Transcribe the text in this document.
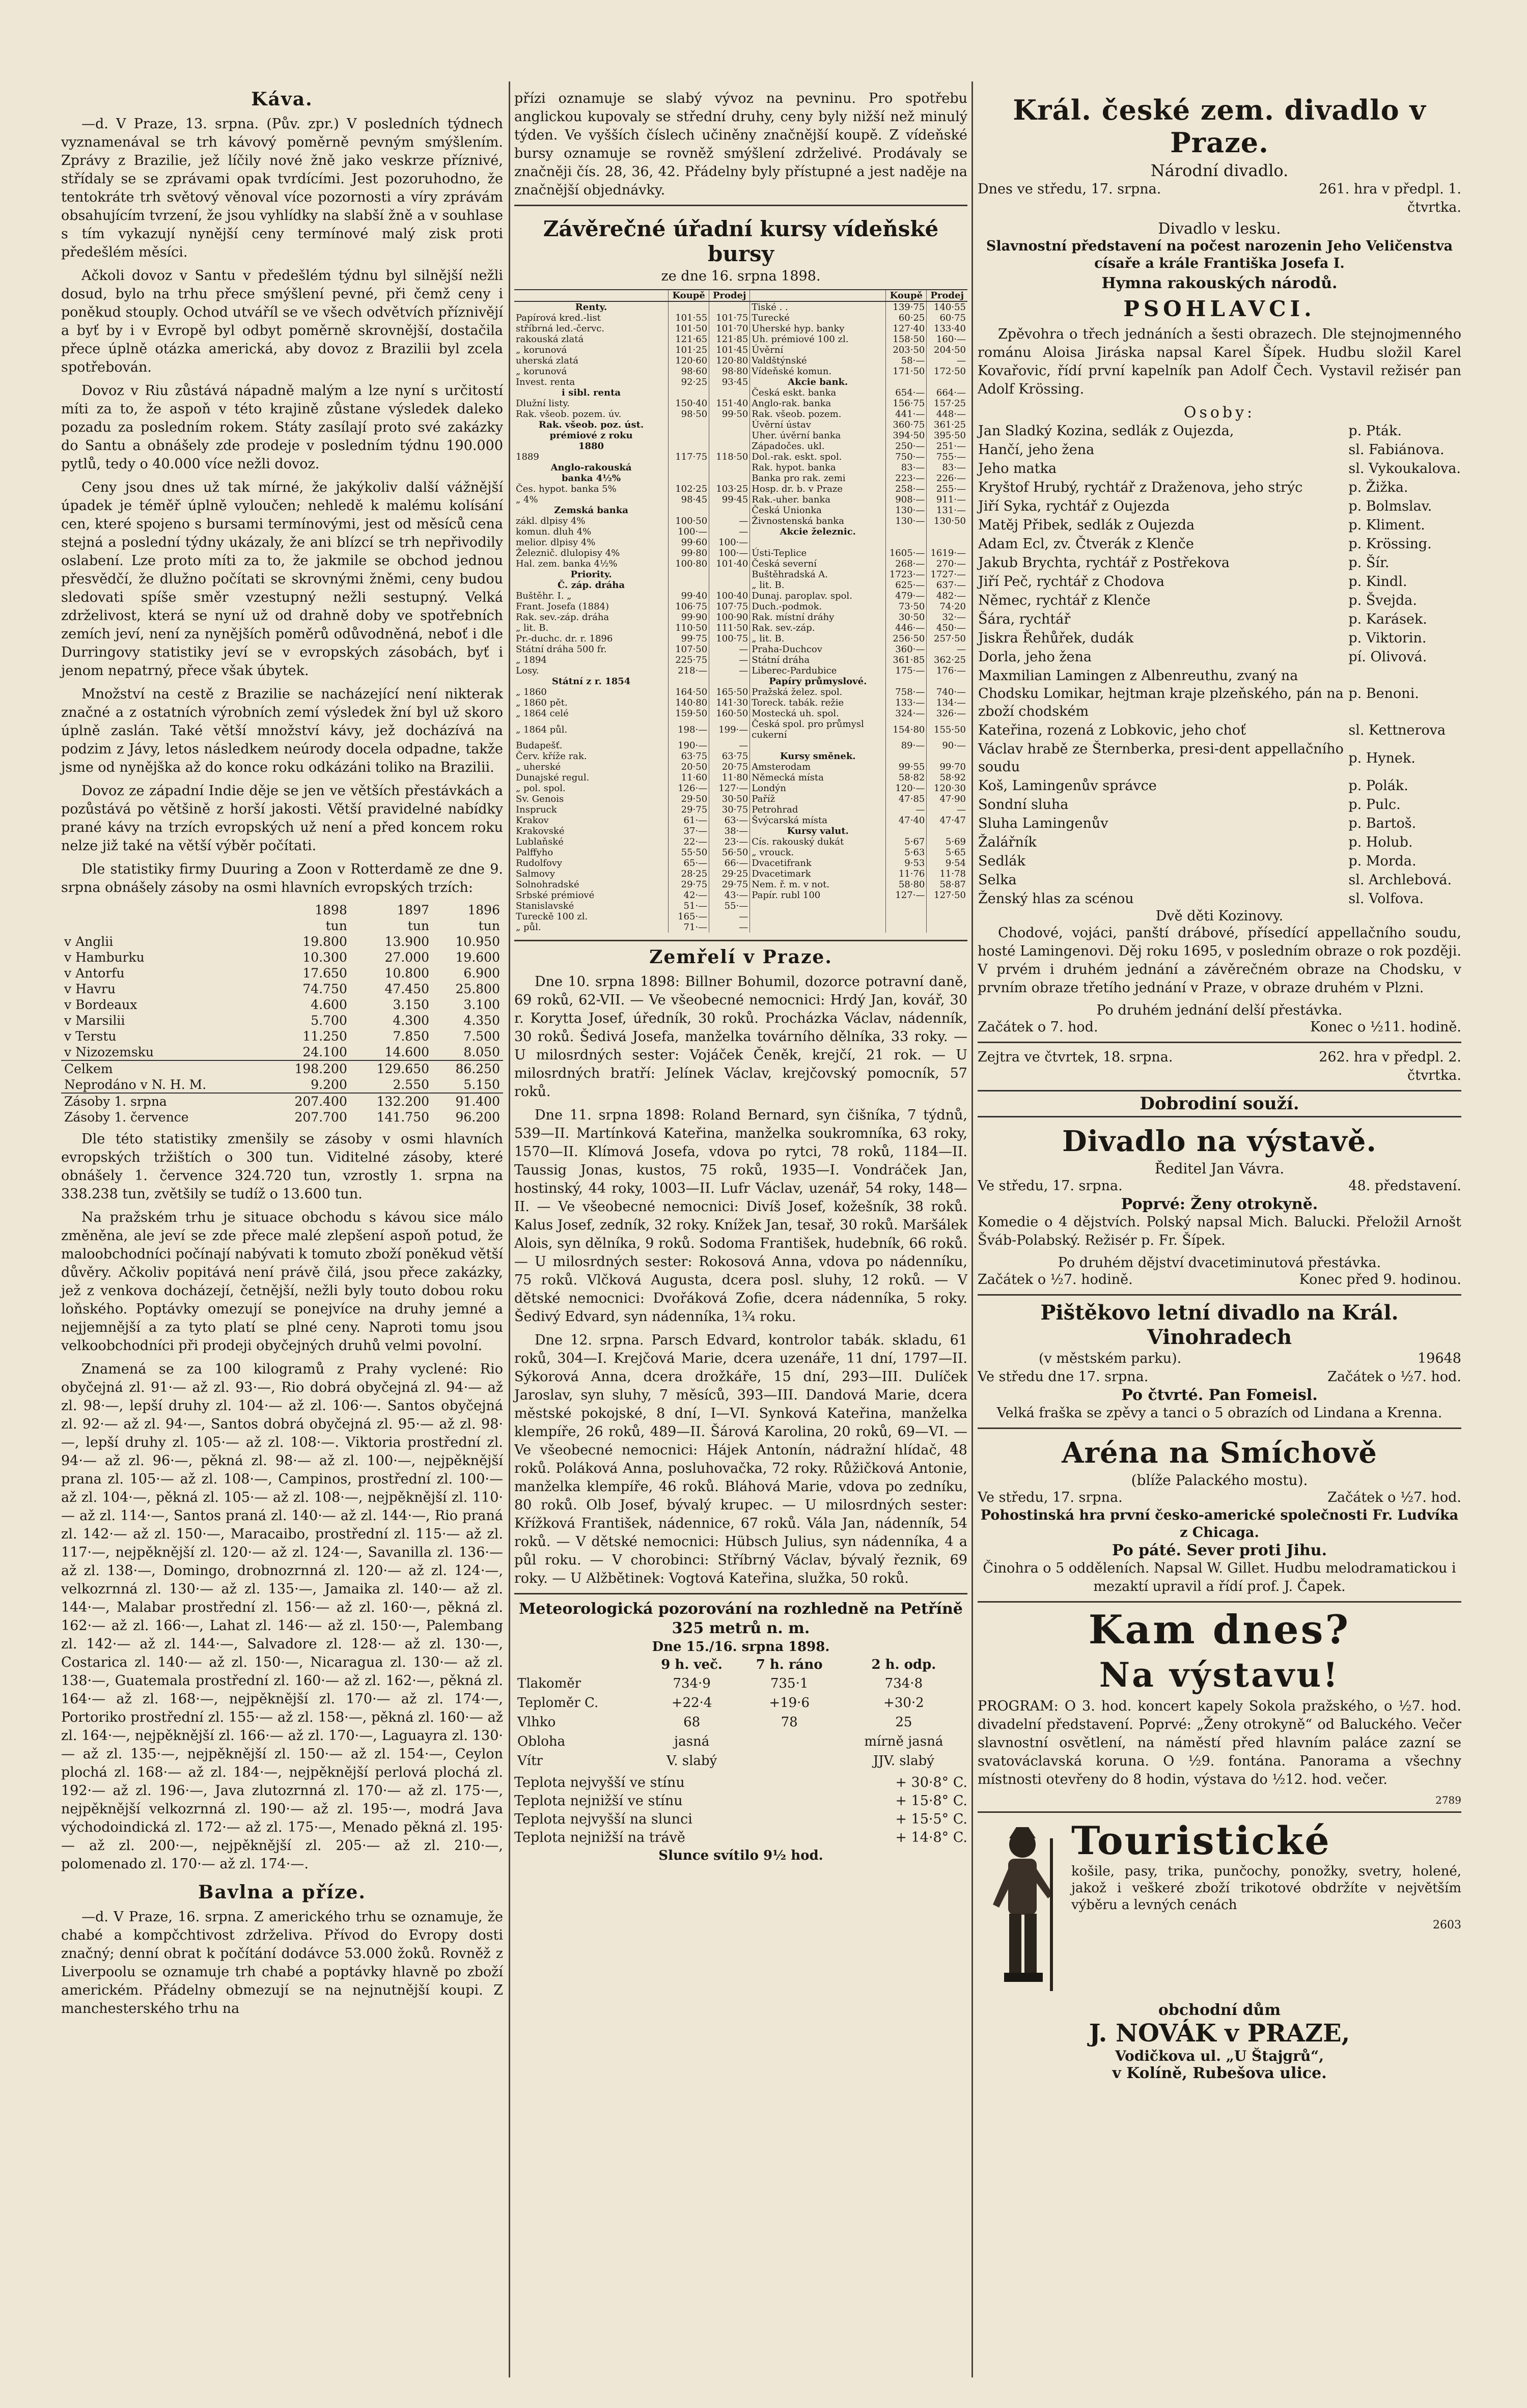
Káva.

—d. V Praze, 13. srpna. (Pův. zpr.) V posledních týdnech vyznamenával se trh kávový poměrně pevným smýšlením. Zprávy z Brazilie, jež líčily nové žně jako veskrze příznivé, střídaly se se zprávami opak tvrdícími. Jest pozoruhodno, že tentokráte trh světový věnoval více pozornosti a víry zprávám obsahujícím tvrzení, že jsou vyhlídky na slabší žně a v souhlase s tím vykazují nynější ceny termínové malý zisk proti předešlém měsíci.

Ačkoli dovoz v Santu v předešlém týdnu byl silnější nežli dosud, bylo na trhu přece smýšlení pevné, při čemž ceny i poněkud stouply. Ochod utváříl se ve všech odvětvích příznivějí a byť by i v Evropě byl odbyt poměrně skrovnější, dostačila přece úplně otázka americká, aby dovoz z Brazilii byl zcela spotřebován.

Dovoz v Riu zůstává nápadně malým a lze nyní s určitostí míti za to, že aspoň v této krajině zůstane výsledek daleko pozadu za posledním rokem. Státy zasílají proto své zakázky do Santu a obnášely zde prodeje v posledním týdnu 190.000 pytlů, tedy o 40.000 více nežli dovoz.

Ceny jsou dnes už tak mírné, že jakýkoliv další vážnější úpadek je téměř úplně vyloučen; nehledě k malému kolísání cen, které spojeno s bursami termínovými, jest od měsíců cena stejná a poslední týdny ukázaly, že ani blízcí se trh nepřivodily oslabení. Lze proto míti za to, že jakmile se obchod jednou přesvědčí, že dlužno počítati se skrovnými žněmi, ceny budou sledovati spíše směr vzestupný nežli sestupný. Velká zdrželivost, která se nyní už od drahně doby ve spotřebních zemích jeví, není za nynějších poměrů odůvodněná, neboť i dle Durringovy statistiky jeví se v evropských zásobách, byť i jenom nepatrný, přece však úbytek.

Množství na cestě z Brazilie se nacházející není nikterak značné a z ostatních výrobních zemí výsledek žní byl už skoro úplně zaslán. Také větší množství kávy, jež docházívá na podzim z Jávy, letos následkem neúrody docela odpadne, takže jsme od nynějška až do konce roku odkázáni toliko na Brazilii.

Dovoz ze západní Indie děje se jen ve větších přestávkách a pozůstává po většině z horší jakosti. Větší pravidelné nabídky prané kávy na trzích evropských už není a před koncem roku nelze již také na větší výběr počítati.

Dle statistiky firmy Duuring a Zoon v Rotterdamě ze dne 9. srpna obnášely zásoby na osmi hlavních evropských trzích:

	1898	1897	1896
	tun	tun	tun
v Anglii	19.800	13.900	10.950
v Hamburku	10.300	27.000	19.600
v Antorfu	17.650	10.800	6.900
v Havru	74.750	47.450	25.800
v Bordeaux	4.600	3.150	3.100
v Marsilii	5.700	4.300	4.350
v Terstu	11.250	7.850	7.500
v Nizozemsku	24.100	14.600	8.050
Celkem	198.200	129.650	86.250
Neprodáno v N. H. M.	9.200	2.550	5.150
Zásoby 1. srpna	207.400	132.200	91.400
Zásoby 1. července	207.700	141.750	96.200

Dle této statistiky zmenšily se zásoby v osmi hlavních evropských tržištích o 300 tun. Viditelné zásoby, které obnášely 1. července 324.720 tun, vzrostly 1. srpna na 338.238 tun, zvětšily se tudíž o 13.600 tun.

Na pražském trhu je situace obchodu s kávou sice málo změněna, ale jeví se zde přece malé zlepšení aspoň potud, že maloobchodníci počínají nabývati k tomuto zboží poněkud větší důvěry. Ačkoliv popitává není právě čilá, jsou přece zakázky, jež z venkova docházejí, četnější, nežli byly touto dobou roku loňského. Poptávky omezují se ponejvíce na druhy jemné a nejjemnější a za tyto platí se plné ceny. Naproti tomu jsou velkoobchodníci při prodeji obyčejných druhů velmi povolní.

Znamená se za 100 kilogramů z Prahy vyclené: Rio obyčejná zl. 91·— až zl. 93·—, Rio dobrá obyčejná zl. 94·— až zl. 98·—, lepší druhy zl. 104·— až zl. 106·—. Santos obyčejná zl. 92·— až zl. 94·—, Santos dobrá obyčejná zl. 95·— až zl. 98·—, lepší druhy zl. 105·— až zl. 108·—. Viktoria prostřední zl. 94·— až zl. 96·—, pěkná zl. 98·— až zl. 100·—, nejpěknější prana zl. 105·— až zl. 108·—, Campinos, prostřední zl. 100·— až zl. 104·—, pěkná zl. 105·— až zl. 108·—, nejpěknější zl. 110·— až zl. 114·—, Santos praná zl. 140·— až zl. 144·—, Rio praná zl. 142·— až zl. 150·—, Maracaibo, prostřední zl. 115·— až zl. 117·—, nejpěknější zl. 120·— až zl. 124·—, Savanilla zl. 136·— až zl. 138·—, Domingo, drobnozrnná zl. 120·— až zl. 124·—, velkozrnná zl. 130·— až zl. 135·—, Jamaika zl. 140·— až zl. 144·—, Malabar prostřední zl. 156·— až zl. 160·—, pěkná zl. 162·— až zl. 166·—, Lahat zl. 146·— až zl. 150·—, Palembang zl. 142·— až zl. 144·—, Salvadore zl. 128·— až zl. 130·—, Costarica zl. 140·— až zl. 150·—, Nicaragua zl. 130·— až zl. 138·—, Guatemala prostřední zl. 160·— až zl. 162·—, pěkná zl. 164·— až zl. 168·—, nejpěknější zl. 170·— až zl. 174·—, Portoriko prostřední zl. 155·— až zl. 158·—, pěkná zl. 160·— až zl. 164·—, nejpěknější zl. 166·— až zl. 170·—, Laguayra zl. 130·— až zl. 135·—, nejpěknější zl. 150·— až zl. 154·—, Ceylon plochá zl. 168·— až zl. 184·—, nejpěknější perlová plochá zl. 192·— až zl. 196·—, Java zlutozrnná zl. 170·— až zl. 175·—, nejpěknější velkozrnná zl. 190·— až zl. 195·—, modrá Java východoindická zl. 172·— až zl. 175·—, Menado pěkná zl. 195·— až zl. 200·—, nejpěknější zl. 205·— až zl. 210·—, polomenado zl. 170·— až zl. 174·—.

Bavlna a příze.

—d. V Praze, 16. srpna. Z amerického trhu se oznamuje, že chabé a kompčchtivost zdrželiva. Přívod do Evropy dosti značný; denní obrat k počítání dodávce 53.000 žoků. Rovněž z Liverpoolu se oznamuje trh chabé a poptávky hlavně po zboží americkém. Přádelny obmezují se na nejnutnější koupi. Z manchesterského trhu na

přízi oznamuje se slabý vývoz na pevninu. Pro spotřebu anglickou kupovaly se střední druhy, ceny byly nižší než minulý týden. Ve vyšších číslech učiněny značnější koupě. Z vídeňské bursy oznamuje se rovněž smýšlení zdrželivé. Prodávaly se značněji čís. 28, 36, 42. Přádelny byly přístupné a jest naděje na značnější objednávky.

Závěrečné úřadní kursy vídeňské bursy
ze dne 16. srpna 1898.
	Koupě	Prodej		Koupě	Prodej
Renty.			Tiské . .	139·75	140·55
Papírová kred.-list	101·55	101·75	Turecké	60·25	60·75
stříbrná led.-červc.	101·50	101·70	Uherské hyp. banky	127·40	133·40
rakouská zlatá	121·65	121·85	Uh. prémiové 100 zl.	158·50	160·—
„ korunová	101·25	101·45	Úvěrní	203·50	204·50
uherská zlatá	120·60	120·80	Valdštýnské	58·—	—
„ korunová	98·60	98·80	Vídeňské komun.	171·50	172·50
Invest. renta	92·25	93·45	Akcie bank.		
i sibl. renta			Česká eskt. banka	654·—	664·—
Dlužní listy.	150·40	151·40	Anglo-rak. banka	156·75	157·25
Rak. všeob. pozem. úv.	98·50	99·50	Rak. všeob. pozem.	441·—	448·—
Rak. všeob. poz. úst.			Úvěrní ústav	360·75	361·25
prémiové z roku			Uher. úvěrní banka	394·50	395·50
1880			Západočes. ukl.	250·—	251·—
1889	117·75	118·50	Dol.-rak. eskt. spol.	750·—	755·—
Anglo-rakouská			Rak. hypot. banka	83·—	83·—
banka 4½%			Banka pro rak. zemi	223·—	226·—
Čes. hypot. banka 5%	102·25	103·25	Hosp. dr. b. v Praze	258·—	255·—
„ 4%	98·45	99·45	Rak.-uher. banka	908·—	911·—
Zemská banka			Česká Unionka	130·—	131·—
zákl. dlpisy 4%	100·50	—	Živnostenská banka	130·—	130·50
komun. dluh 4%	100·—	—	Akcie železnic.		
melior. dlpisy 4%	99·60	100·—			
Železnič. dlulopisy 4%	99·80	100·—	Ústi-Teplice	1605·—	1619·—
Hal. zem. banka 4½%	100·80	101·40	Česká severní	268·—	270·—
Priority.			Buštěhradská A.	1723·—	1727·—
Č. záp. dráha			„ lit. B.	625·—	637·—
Buštěhr. I. „	99·40	100·40	Dunaj. paroplav. spol.	479·—	482·—
Frant. Josefa (1884)	106·75	107·75	Duch.-podmok.	73·50	74·20
Rak. sev.-záp. dráha	99·90	100·90	Rak. místní dráhy	30·50	32·—
„ lit. B.	110·50	111·50	Rak. sev.-záp.	446·—	450·—
Pr.-duchc. dr. r. 1896	99·75	100·75	„ lit. B.	256·50	257·50
Státní dráha 500 fr.	107·50	—	Praha-Duchcov	360·—	—
„ 1894	225·75	—	Státní dráha	361·85	362·25
Losy.	218·—	—	Liberec-Pardubice	175·—	176·—
Státní z r. 1854			Papíry průmyslové.		
„ 1860	164·50	165·50	Pražská želez. spol.	758·—	740·—
„ 1860 pět.	140·80	141·30	Toreck. tabák. režie	133·—	134·—
„ 1864 celé	159·50	160·50	Mostecká uh. spol.	324·—	326·—
„ 1864 půl.	198·—	199·—	Česká spol. pro průmysl cukerní	154·80	155·50
Budapešť.	190·—	—		89·—	90·—
Červ. kříže rak.	63·75	63·75	Kursy směnek.		
„ uherské	20·50	20·75	Amsterodam	99·55	99·70
Dunajské regul.	11·60	11·80	Německá místa	58·82	58·92
„ pol. spol.	126·—	127·—	Londýn	120·—	120·30
Sv. Genois	29·50	30·50	Paříž	47·85	47·90
Inspruck	29·75	30·75	Petrohrad	—	—
Krakov	61·—	63·—	Švýcarská místa	47·40	47·47
Krakovské	37·—	38·—	Kursy valut.		
Lublaňské	22·—	23·—	Cís. rakouský dukát	5·67	5·69
Palffyho	55·50	56·50	„ vrouck.	5·63	5·65
Rudolfovy	65·—	66·—	Dvacetifrank	9·53	9·54
Salmovy	28·25	29·25	Dvacetimark	11·76	11·78
Solnohradské	29·75	29·75	Nem. ř. m. v not.	58·80	58·87
Srbské prémiové	42·—	43·—	Papír. rubl 100	127·—	127·50
Stanislavské	51·—	55·—			
Tureckě 100 zl.	165·—	—			
„ půl.	71·—	—			
Zemřelí v Praze.

Dne 10. srpna 1898: Billner Bohumil, dozorce potravní daně, 69 roků, 62-VII. — Ve všeobecné nemocnici: Hrdý Jan, kovář, 30 r. Korytta Josef, úředník, 30 roků. Procházka Václav, nádenník, 30 roků. Šedivá Josefa, manželka továrního dělníka, 33 roky. — U milosrdných sester: Vojáček Čeněk, krejčí, 21 rok. — U milosrdných bratří: Jelínek Václav, krejčovský pomocník, 57 roků.

Dne 11. srpna 1898: Roland Bernard, syn čišníka, 7 týdnů, 539—II. Martínková Kateřina, manželka soukromníka, 63 roky, 1570—II. Klímová Josefa, vdova po rytci, 78 roků, 1184—II. Taussig Jonas, kustos, 75 roků, 1935—I. Vondráček Jan, hostinský, 44 roky, 1003—II. Lufr Václav, uzenář, 54 roky, 148—II. — Ve všeobecné nemocnici: Divíš Josef, kožešník, 38 roků. Kalus Josef, zedník, 32 roky. Knížek Jan, tesař, 30 roků. Maršálek Alois, syn dělníka, 9 roků. Sodoma František, hudebník, 66 roků. — U milosrdných sester: Rokosová Anna, vdova po nádenníku, 75 roků. Vlčková Augusta, dcera posl. sluhy, 12 roků. — V dětské nemocnici: Dvořáková Zofie, dcera nádenníka, 5 roky. Šedivý Edvard, syn nádenníka, 1¾ roku.

Dne 12. srpna. Parsch Edvard, kontrolor tabák. skladu, 61 roků, 304—I. Krejčová Marie, dcera uzenáře, 11 dní, 1797—II. Sýkorová Anna, dcera drožkáře, 15 dní, 293—III. Dulíček Jaroslav, syn sluhy, 7 měsíců, 393—III. Dandová Marie, dcera městské pokojské, 8 dní, I—VI. Synková Kateřina, manželka klempíře, 26 roků, 489—II. Šárová Karolina, 20 roků, 69—VI. — Ve všeobecné nemocnici: Hájek Antonín, nádražní hlídač, 48 roků. Poláková Anna, posluhovačka, 72 roky. Růžičková Antonie, manželka klempíře, 46 roků. Bláhová Marie, vdova po zedníku, 80 roků. Olb Josef, bývalý krupec. — U milosrdných sester: Křížková František, nádennice, 67 roků. Vála Jan, nádenník, 54 roků. — V dětské nemocnici: Hübsch Julius, syn nádenníka, 4 a půl roku. — V chorobinci: Stříbrný Václav, bývalý řeznik, 69 roky. — U Alžbětinek: Vogtová Kateřina, služka, 50 roků.

Meteorologická pozorování na rozhledně na Petříně 325 metrů n. m.
Dne 15./16. srpna 1898.
	9 h. več.	7 h. ráno	2 h. odp.
Tlakoměr	734·9	735·1	734·8
Teploměr C.	+22·4	+19·6	+30·2
Vlhko	68	78	25
Obloha	jasná		mírně jasná
Vítr	V. slabý		JJV. slabý
Teplota nejvyšší ve stínu	+ 30·8° C.
Teplota nejnižší ve stínu	+ 15·8° C.
Teplota nejvyšší na slunci	+ 15·5° C.
Teplota nejnižší na trávě	+ 14·8° C.
Slunce svítilo 9½ hod.
Král. české zem. divadlo v Praze.
Národní divadlo.
Dnes ve středu, 17. srpna.	261. hra v předpl. 1. čtvrtka.
Divadlo v lesku.
Slavnostní představení na počest narozenin Jeho Veličenstva císaře a krále Františka Josefa I.
Hymna rakouských národů.
PSOHLAVCI.

Zpěvohra o třech jednáních a šesti obrazech. Dle stejnojmenného románu Aloisa Jiráska napsal Karel Šípek. Hudbu složil Karel Kovařovic, řídí první kapelník pan Adolf Čech. Vystavil režisér pan Adolf Krössing.

Osoby:
Jan Sladký Kozina, sedlák z Oujezda,	p. Pták.
Hančí, jeho žena	sl. Fabiánova.
Jeho matka	sl. Vykoukalova.
Kryštof Hrubý, rychtář z Draženova, jeho strýc	p. Žižka.
Jiří Syka, rychtář z Oujezda	p. Bolmslav.
Matěj Přibek, sedlák z Oujezda	p. Kliment.
Adam Ecl, zv. Čtverák z Klenče	p. Krössing.
Jakub Brychta, rychtář z Postřekova	p. Šír.
Jiří Peč, rychtář z Chodova	p. Kindl.
Němec, rychtář z Klenče	p. Švejda.
Šára, rychtář	p. Karásek.
Jiskra Řehůřek, dudák	p. Viktorin.
Dorla, jeho žena	pí. Olivová.
Maxmilian Lamingen z Albenreuthu, zvaný na Chodsku Lomikar, hejtman kraje plzeňského, pán na zboží chodském	p. Benoni.
Kateřina, rozená z Lobkovic, jeho choť	sl. Kettnerova
Václav hrabě ze Šternberka, presi-dent appellačního soudu	p. Hynek.
Koš, Lamingenův správce	p. Polák.
Sondní sluha	p. Pulc.
Sluha Lamingenův	p. Bartoš.
Žalářník	p. Holub.
Sedlák	p. Morda.
Selka	sl. Archlebová.
Ženský hlas za scénou	sl. Volfova.
Dvě děti Kozinovy.

Chodové, vojáci, panští drábové, přísedící appellačního soudu, hosté Lamingenovi. Děj roku 1695, v posledním obraze o rok později. V prvém i druhém jednání a závěrečném obraze na Chodsku, v prvním obraze třetího jednání v Praze, v obraze druhém v Plzni.

Po druhém jednání delší přestávka.
Začátek o 7. hod.	Konec o ½11. hodině.
Zejtra ve čtvrtek, 18. srpna.	262. hra v předpl. 2. čtvrtka.
Dobrodiní souží.
Divadlo na výstavě.
Ředitel Jan Vávra.
Ve středu, 17. srpna.	48. představení.
Poprvé: Ženy otrokyně.

Komedie o 4 dějstvích. Polský napsal Mich. Balucki. Přeložil Arnošt Šváb-Polabský. Režisér p. Fr. Šípek.

Po druhém dějství dvacetiminutová přestávka.
Začátek o ½7. hodině.	Konec před 9. hodinou.
Pištěkovo letní divadlo na Král. Vinohradech
(v městském parku).	19648
Ve středu dne 17. srpna.	Začátek o ½7. hod.
Po čtvrté. Pan Fomeisl.

Velká fraška se zpěvy a tanci o 5 obrazích od Lindana a Krenna.

Aréna na Smíchově
(blíže Palackého mostu).
Ve středu, 17. srpna.	Začátek o ½7. hod.
Pohostinská hra první česko-americké společnosti Fr. Ludvíka z Chicaga.
Po páté. Sever proti Jihu.

Činohra o 5 odděleních. Napsal W. Gillet. Hudbu melodramatickou i mezaktí upravil a řídí prof. J. Čapek.

Kam dnes?
Na výstavu!

PROGRAM: O 3. hod. koncert kapely Sokola pražského, o ½7. hod. divadelní představení. Poprvé: „Ženy otrokyně“ od Baluckého. Večer slavnostní osvětlení, na náměstí před hlavním paláce zazní se svatováclavská koruna. O ½9. fontána. Panorama a všechny místnosti otevřeny do 8 hodin, výstava do ½12. hod. večer.

2789
Touristické

košile, pasy, trika, punčochy, ponožky, svetry, holené, jakož i veškeré zboží trikotové obdržíte v největším výběru a levných cenách

2603
obchodní dům
J. NOVÁK v PRAZE,
Vodičkova ul. „U Štajgrů“,
v Kolíně, Rubešova ulice.
